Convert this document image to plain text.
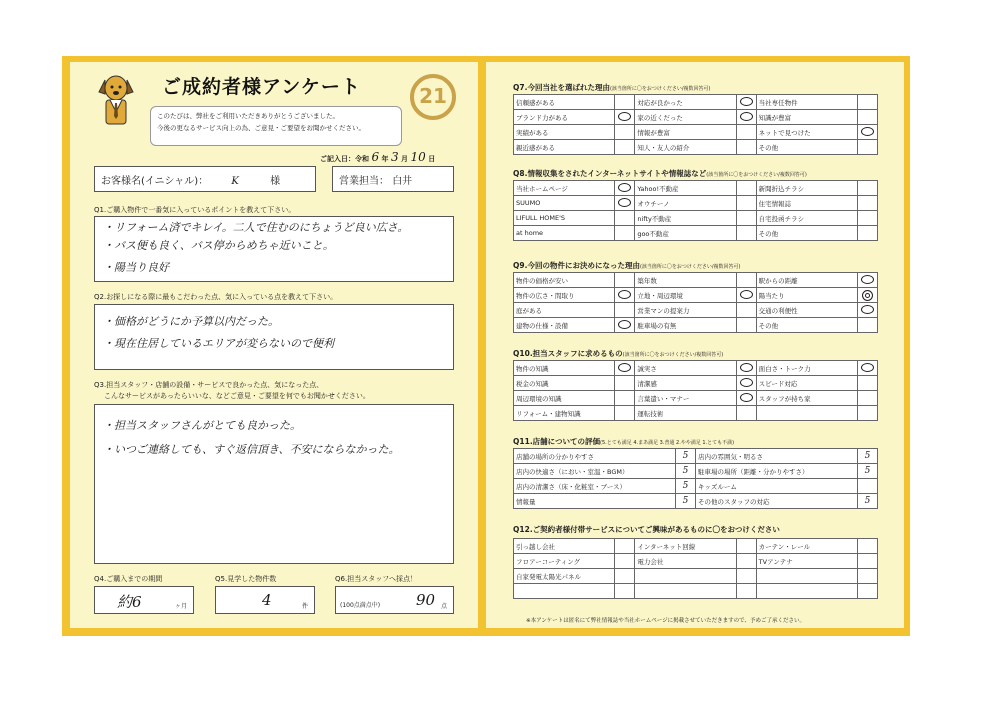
ご成約者様アンケート	21
このたびは、弊社をご利用いただきありがとうございました。
今後の更なるサービス向上の為、ご意見・ご要望をお聞かせください。
ご記入日：令和 6 年 3 月 10 日
お客様名(イニシャル)： K	様	営業担当： 白井
Q1.ご購入物件で一番気に入っているポイントを教えて下さい。
・リフォーム済でキレイ。二人で住むのにちょうど良い広さ。
・バス便も良く、バス停からめちゃ近いこと。
・陽当り良好
Q2.お探しになる際に最もこだわった点、気に入っている点を教えて下さい。
・価格がどうにか予算以内だった。
・現在住居しているエリアが変らないので便利
Q3.担当スタッフ・店舗の設備・サービスで良かった点、気になった点、
こんなサービスがあったらいいな、などご意見・ご要望を何でもお聞かせください。
・担当スタッフさんがとても良かった。
・いつご連絡しても、すぐ返信頂き、不安にならなかった。
Q4.ご購入までの期間
約6	ヶ月
Q5.見学した物件数
4	件
Q6.担当スタッフへ採点！
(100点満点中) 90 点
Q7.今回当社を選ばれた理由(該当箇所に〇をおつけください/複数回答可)
信頼感がある		対応が良かった		当社専任物件	
ブランド力がある		家の近くだった		知識が豊富	
実績がある		情報が豊富		ネットで見つけた	
親近感がある		知人・友人の紹介		その他	
Q8.情報収集をされたインターネットサイトや情報誌など(該当箇所に〇をおつけください/複数回答可)
当社ホームページ		Yahoo!不動産		新聞折込チラシ	
SUUMO		オウチーノ		住宅情報誌	
LIFULL HOME'S		nifty不動産		自宅投函チラシ	
at home		goo不動産		その他	
Q9.今回の物件にお決めになった理由(該当箇所に〇をおつけください/複数回答可)
物件の価格が安い		築年数		駅からの距離	
物件の広さ・間取り		立地・周辺環境		陽当たり	
庭がある		営業マンの提案力		交通の利便性	
建物の仕様・設備		駐車場の有無		その他	
Q10.担当スタッフに求めるもの(該当箇所に〇をおつけください/複数回答可)
物件の知識		誠実さ		面白さ・トーク力	
税金の知識		清潔感		スピード対応	
周辺環境の知識		言葉遣い・マナー		スタッフが持ち家	
リフォーム・建物知識		運転技術			
Q11.店舗についての評価(5.とても満足 4.まあ満足 3.普通 2.やや満足 1.とても不満)
店舗の場所の分かりやすさ	5	店内の雰囲気・明るさ	5
店内の快適さ（におい・室温・BGM）	5	駐車場の場所（距離・分かりやすさ）	5
店内の清潔さ（床・化粧室・ブース）	5	キッズルーム	
情報量	5	その他のスタッフの対応	5
Q12.ご契約者様付帯サービスについてご興味があるものに〇をおつけください
引っ越し会社		インターネット回線		カーテン・レール	
フロアーコーティング		電力会社		TVアンテナ	
自家発電太陽光パネル					

※本アンケートは匿名にて弊社情報誌や当社ホームページに掲載させていただきますので、予めご了承ください。
